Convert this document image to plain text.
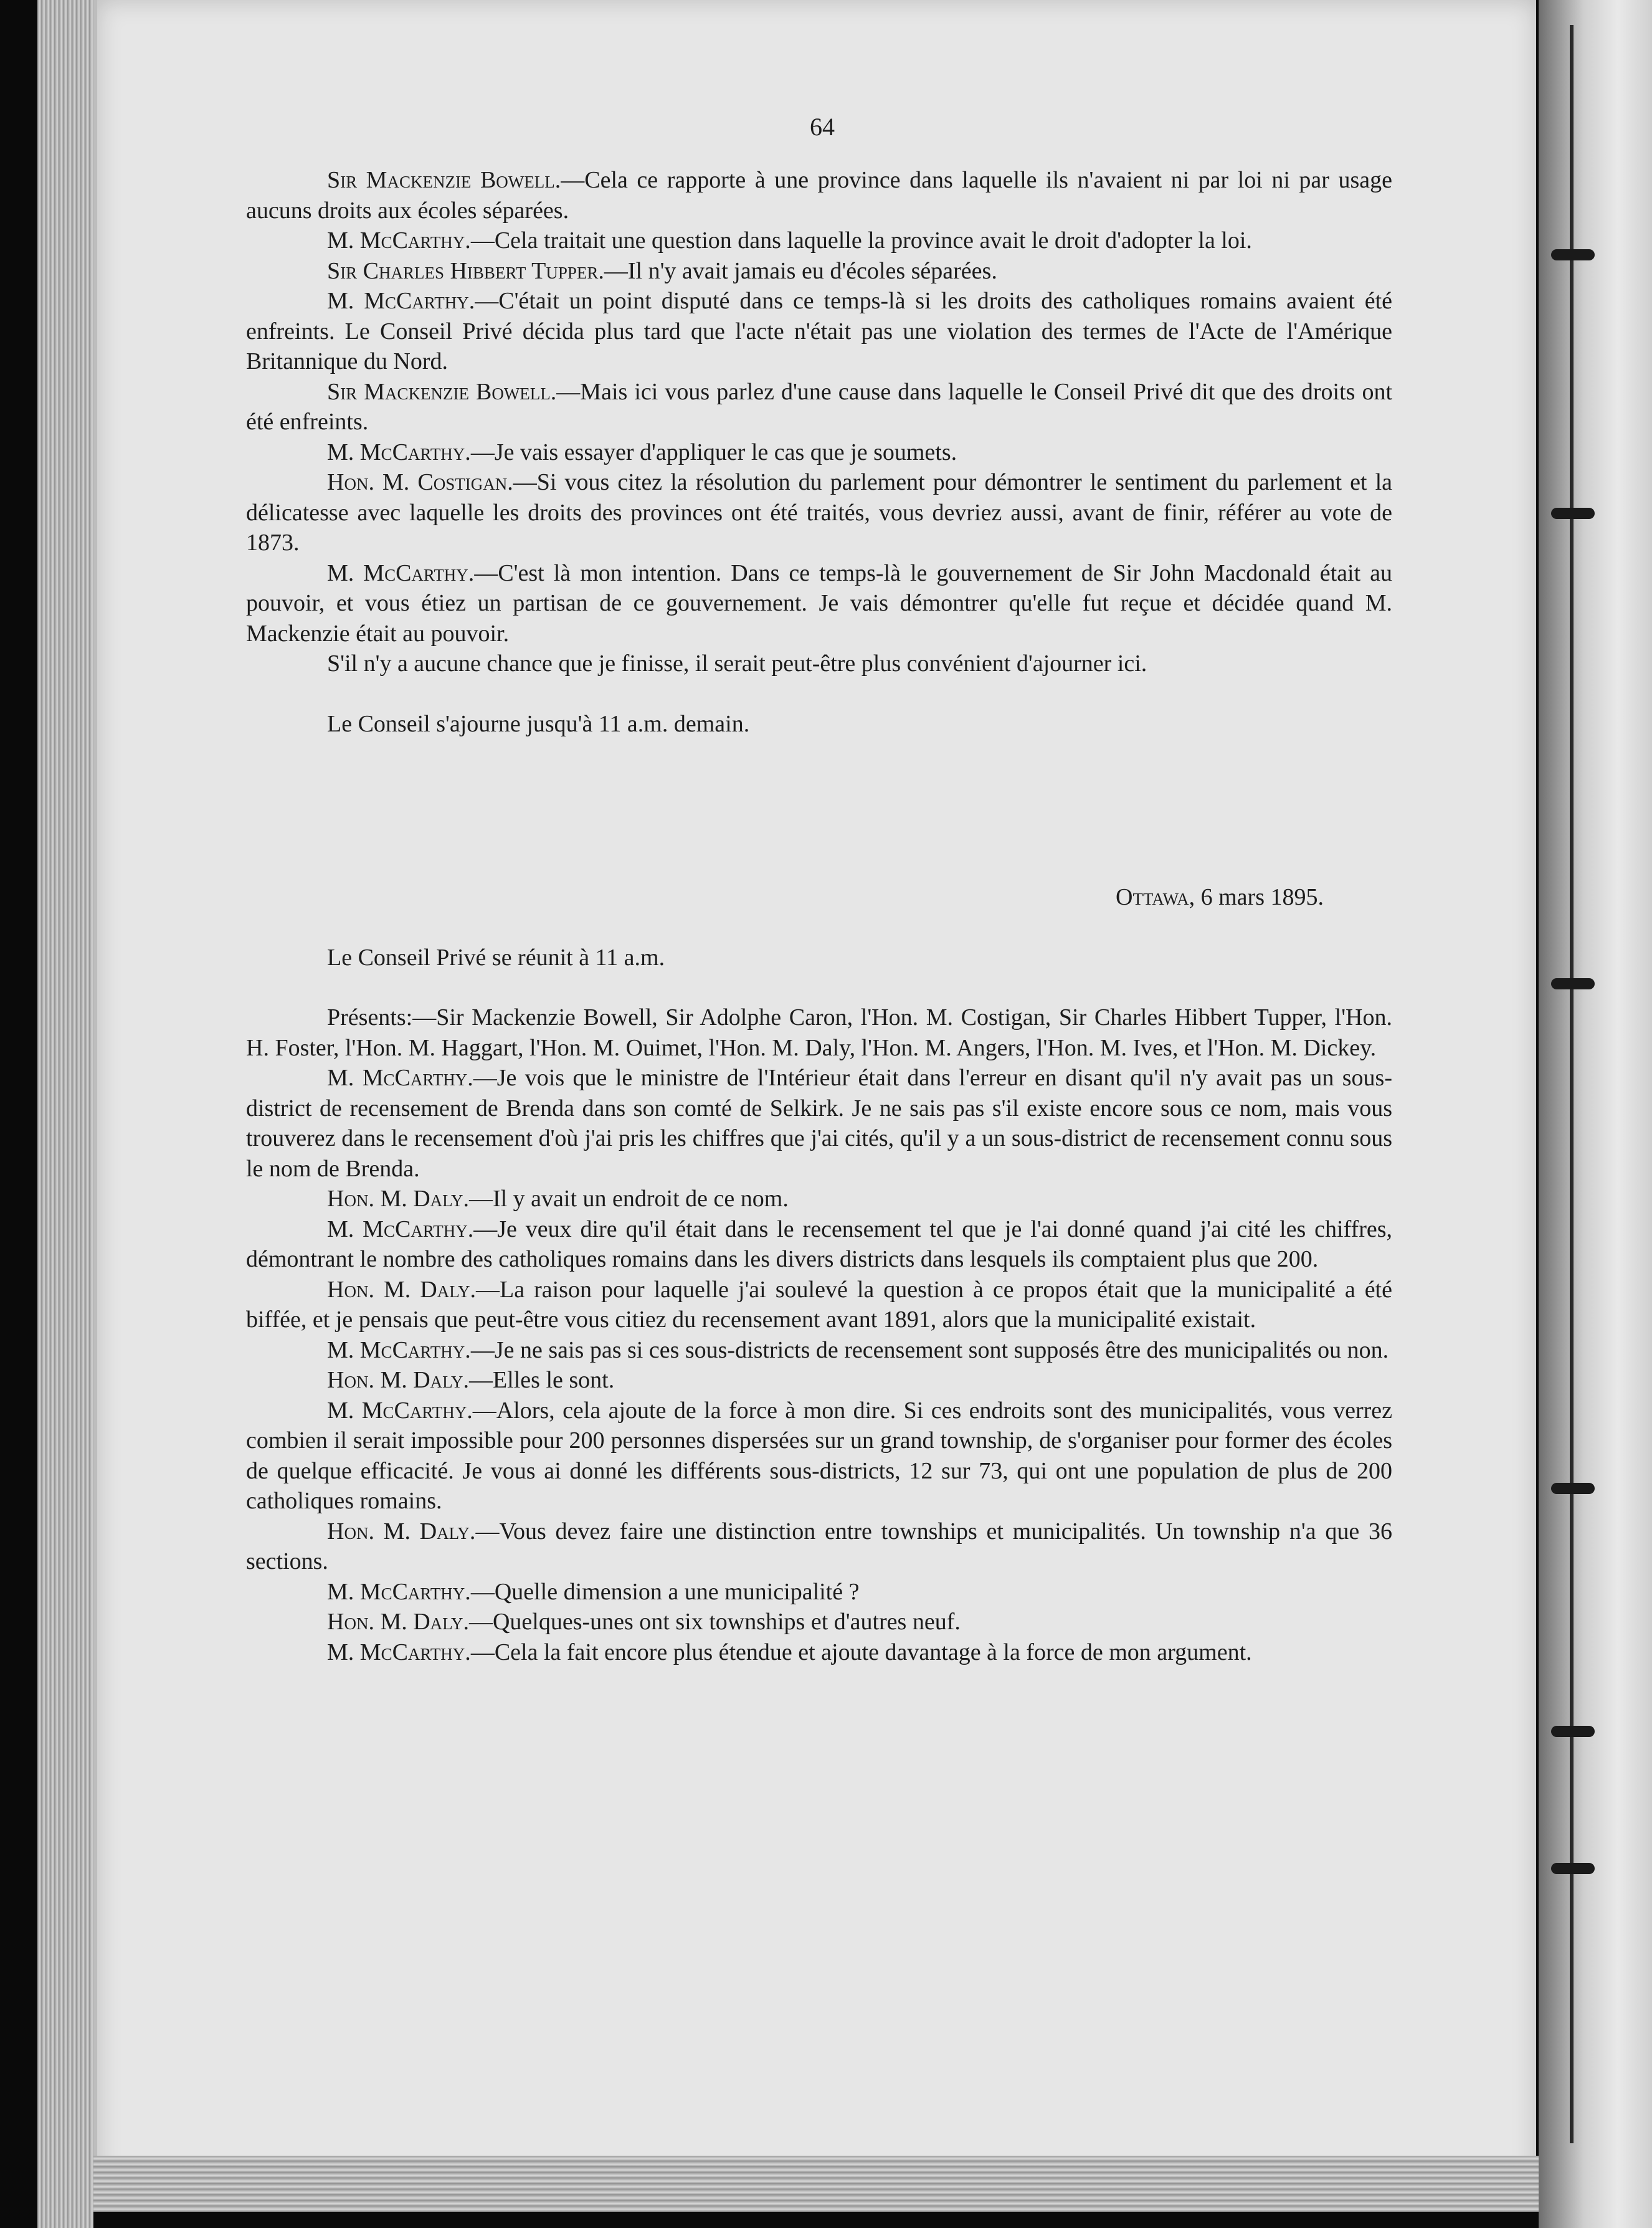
64

Sir Mackenzie Bowell.—Cela ce rapporte à une province dans laquelle ils n'avaient ni par loi ni par usage aucuns droits aux écoles séparées.

M. McCarthy.—Cela traitait une question dans laquelle la province avait le droit d'adopter la loi.

Sir Charles Hibbert Tupper.—Il n'y avait jamais eu d'écoles séparées.

M. McCarthy.—C'était un point disputé dans ce temps-là si les droits des catholiques romains avaient été enfreints. Le Conseil Privé décida plus tard que l'acte n'était pas une violation des termes de l'Acte de l'Amérique Britannique du Nord.

Sir Mackenzie Bowell.—Mais ici vous parlez d'une cause dans laquelle le Conseil Privé dit que des droits ont été enfreints.

M. McCarthy.—Je vais essayer d'appliquer le cas que je soumets.

Hon. M. Costigan.—Si vous citez la résolution du parlement pour démontrer le sentiment du parlement et la délicatesse avec laquelle les droits des provinces ont été traités, vous devriez aussi, avant de finir, référer au vote de 1873.

M. McCarthy.—C'est là mon intention. Dans ce temps-là le gouvernement de Sir John Macdonald était au pouvoir, et vous étiez un partisan de ce gouvernement. Je vais démontrer qu'elle fut reçue et décidée quand M. Mackenzie était au pouvoir.

S'il n'y a aucune chance que je finisse, il serait peut-être plus convénient d'ajourner ici.

Le Conseil s'ajourne jusqu'à 11 a.m. demain.

Ottawa, 6 mars 1895.

Le Conseil Privé se réunit à 11 a.m.

Présents:—Sir Mackenzie Bowell, Sir Adolphe Caron, l'Hon. M. Costigan, Sir Charles Hibbert Tupper, l'Hon. H. Foster, l'Hon. M. Haggart, l'Hon. M. Ouimet, l'Hon. M. Daly, l'Hon. M. Angers, l'Hon. M. Ives, et l'Hon. M. Dickey.

M. McCarthy.—Je vois que le ministre de l'Intérieur était dans l'erreur en disant qu'il n'y avait pas un sous-district de recensement de Brenda dans son comté de Selkirk. Je ne sais pas s'il existe encore sous ce nom, mais vous trouverez dans le recensement d'où j'ai pris les chiffres que j'ai cités, qu'il y a un sous-district de recensement connu sous le nom de Brenda.

Hon. M. Daly.—Il y avait un endroit de ce nom.

M. McCarthy.—Je veux dire qu'il était dans le recensement tel que je l'ai donné quand j'ai cité les chiffres, démontrant le nombre des catholiques romains dans les divers districts dans lesquels ils comptaient plus que 200.

Hon. M. Daly.—La raison pour laquelle j'ai soulevé la question à ce propos était que la municipalité a été biffée, et je pensais que peut-être vous citiez du recensement avant 1891, alors que la municipalité existait.

M. McCarthy.—Je ne sais pas si ces sous-districts de recensement sont supposés être des municipalités ou non.

Hon. M. Daly.—Elles le sont.

M. McCarthy.—Alors, cela ajoute de la force à mon dire. Si ces endroits sont des municipalités, vous verrez combien il serait impossible pour 200 personnes dispersées sur un grand township, de s'organiser pour former des écoles de quelque efficacité. Je vous ai donné les différents sous-districts, 12 sur 73, qui ont une population de plus de 200 catholiques romains.

Hon. M. Daly.—Vous devez faire une distinction entre townships et municipalités. Un township n'a que 36 sections.

M. McCarthy.—Quelle dimension a une municipalité ?

Hon. M. Daly.—Quelques-unes ont six townships et d'autres neuf.

M. McCarthy.—Cela la fait encore plus étendue et ajoute davantage à la force de mon argument.
